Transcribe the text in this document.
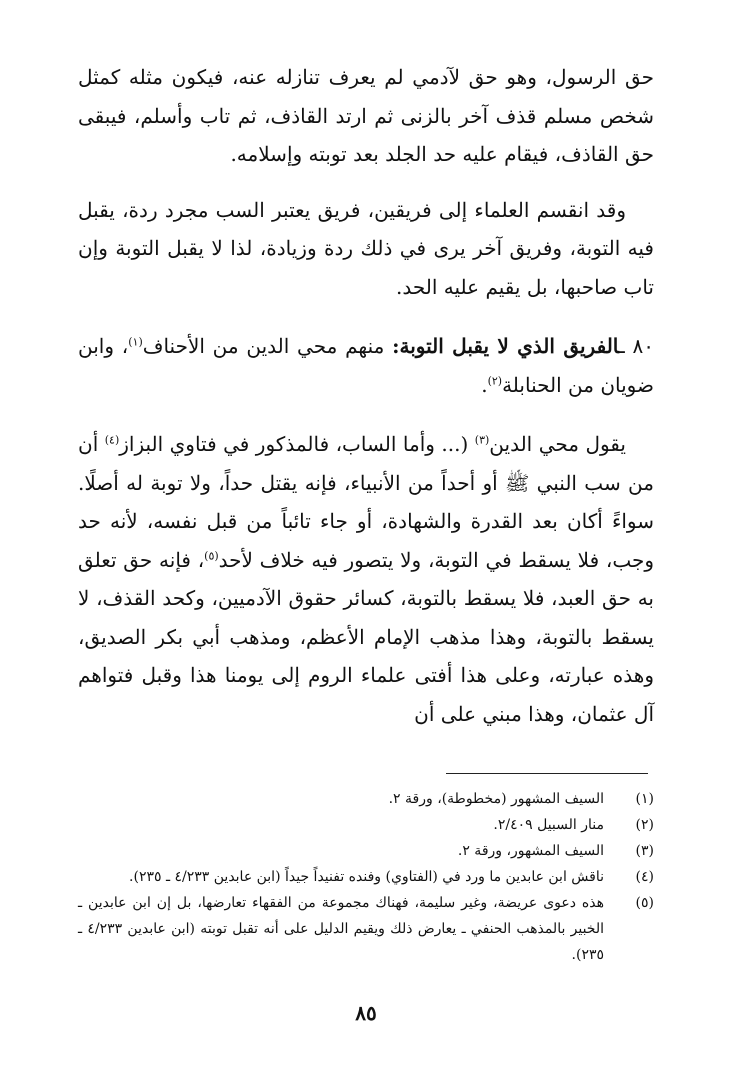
حق الرسول، وهو حق لآدمي لم يعرف تنازله عنه، فيكون مثله كمثل شخص مسلم قذف آخر بالزنى ثم ارتد القاذف، ثم تاب وأسلم، فيبقى حق القاذف، فيقام عليه حد الجلد بعد توبته وإسلامه.

وقد انقسم العلماء إلى فريقين، فريق يعتبر السب مجرد ردة، يقبل فيه التوبة، وفريق آخر يرى في ذلك ردة وزيادة، لذا لا يقبل التوبة وإن تاب صاحبها، بل يقيم عليه الحد.

٨٠ ـالفريق الذي لا يقبل التوبة: منهم محي الدين من الأحناف$^{(١)}$، وابن ضويان من الحنابلة$^{(٢)}$.

يقول محي الدين$^{(٣)}$ (... وأما الساب، فالمذكور في فتاوي البزاز$^{(٤)}$ أن من سب النبي ﷺ أو أحداً من الأنبياء، فإنه يقتل حداً، ولا توبة له أصلًا. سواءً أكان بعد القدرة والشهادة، أو جاء تائباً من قبل نفسه، لأنه حد وجب، فلا يسقط في التوبة، ولا يتصور فيه خلاف لأحد$^{(٥)}$، فإنه حق تعلق به حق العبد، فلا يسقط بالتوبة، كسائر حقوق الآدميين، وكحد القذف، لا يسقط بالتوبة، وهذا مذهب الإمام الأعظم، ومذهب أبي بكر الصديق، وهذه عبارته، وعلى هذا أفتى علماء الروم إلى يومنا هذا وقبل فتواهم آل عثمان، وهذا مبني على أن

(١)
السيف المشهور (مخطوطة)، ورقة ٢.
(٢)
منار السبيل ٢/٤٠٩.
(٣)
السيف المشهور، ورقة ٢.
(٤)
ناقش ابن عابدين ما ورد في (الفتاوي) وفنده تفنيداً جيداً (ابن عابدين ٤/٢٣٣ ـ ٢٣٥).
(٥)
هذه دعوى عريضة، وغير سليمة، فهناك مجموعة من الفقهاء تعارضها، بل إن ابن عابدين ـ الخبير بالمذهب الحنفي ـ يعارض ذلك ويقيم الدليل على أنه تقبل توبته (ابن عابدين ٤/٢٣٣ ـ ٢٣٥).
٨٥
